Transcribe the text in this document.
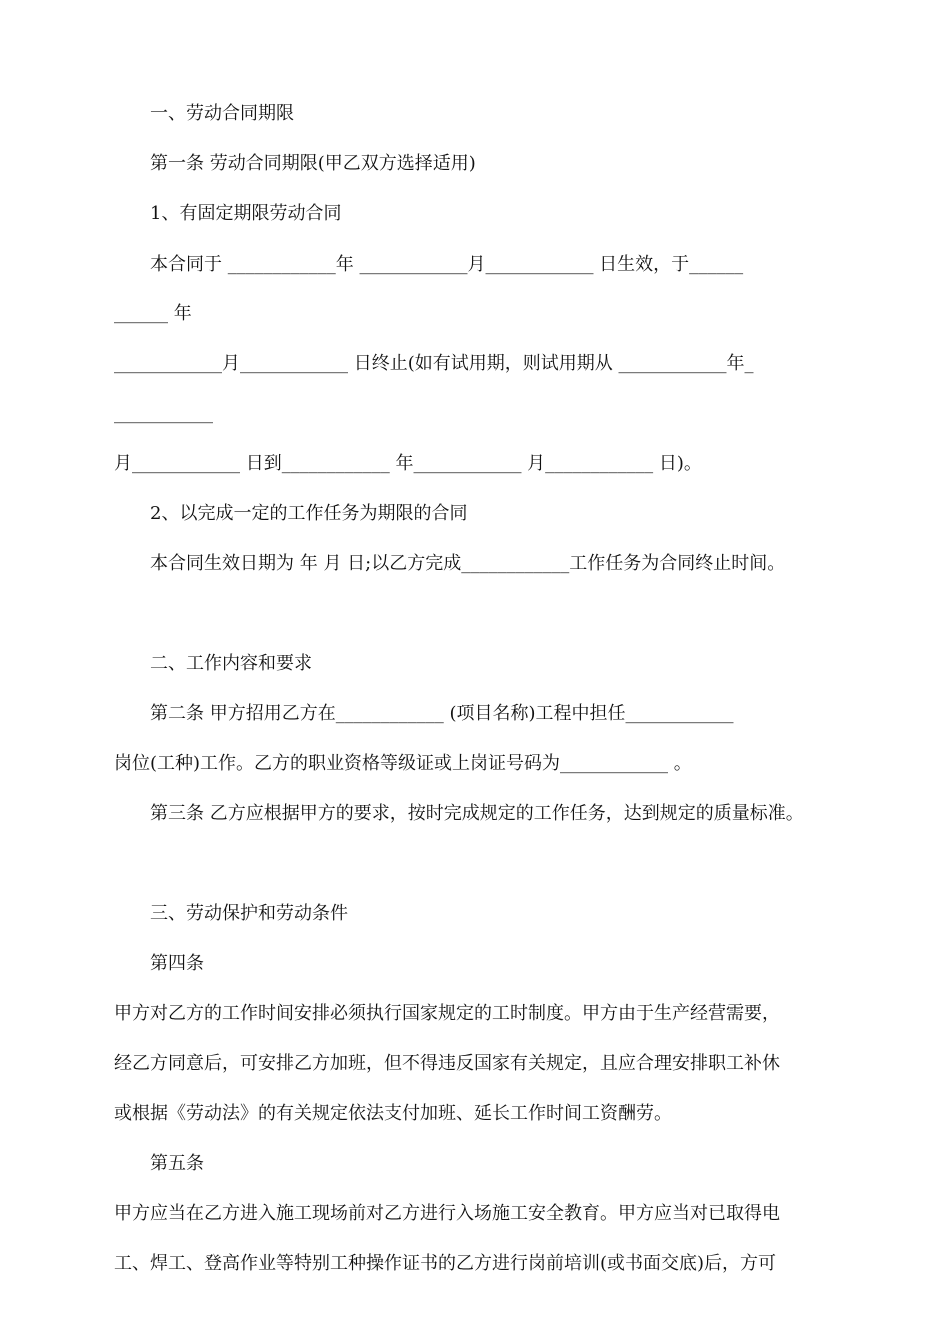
一、劳动合同期限
第一条 劳动合同期限(甲乙双方选择适用)
1、有固定期限劳动合同
本合同于 ____________年 ____________月____________ 日生效，于______
______ 年
____________月____________ 日终止(如有试用期，则试用期从 ____________年_
___________
月____________ 日到____________ 年____________ 月____________ 日)。
2、以完成一定的工作任务为期限的合同
本合同生效日期为 年 月 日;以乙方完成____________工作任务为合同终止时间。
二、工作内容和要求
第二条 甲方招用乙方在____________ (项目名称)工程中担任____________
岗位(工种)工作。乙方的职业资格等级证或上岗证号码为____________ 。
第三条 乙方应根据甲方的要求，按时完成规定的工作任务，达到规定的质量标准。
三、劳动保护和劳动条件
第四条
甲方对乙方的工作时间安排必须执行国家规定的工时制度。甲方由于生产经营需要，
经乙方同意后，可安排乙方加班，但不得违反国家有关规定，且应合理安排职工补休
或根据《劳动法》的有关规定依法支付加班、延长工作时间工资酬劳。
第五条
甲方应当在乙方进入施工现场前对乙方进行入场施工安全教育。甲方应当对已取得电
工、焊工、登高作业等特别工种操作证书的乙方进行岗前培训(或书面交底)后，方可
